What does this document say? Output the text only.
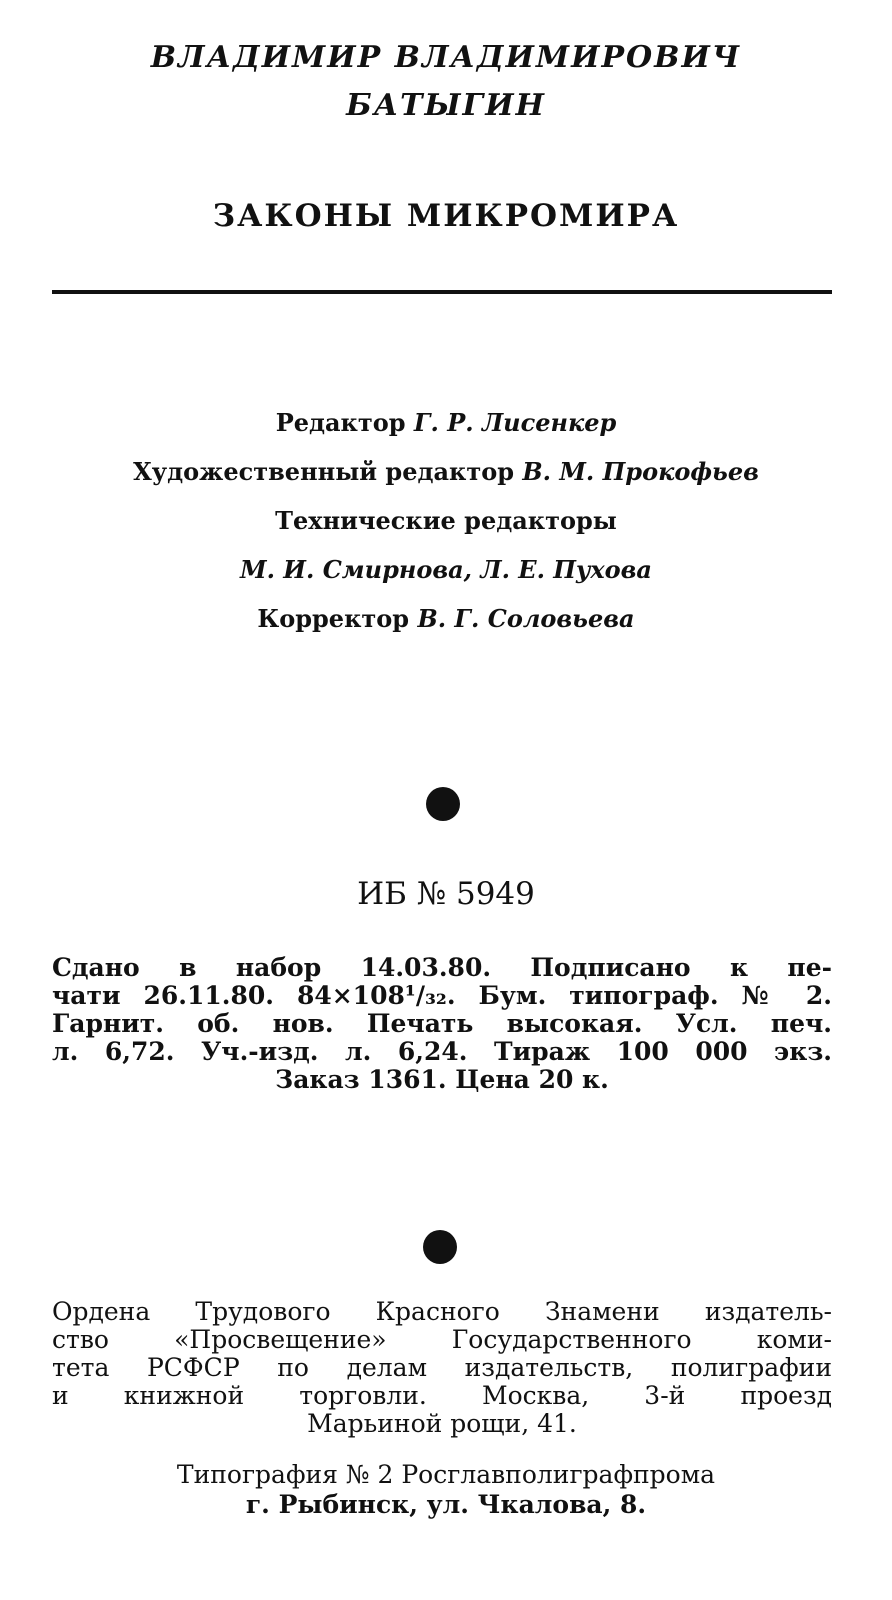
ВЛАДИМИР ВЛАДИМИРОВИЧ
БАТЫГИН
ЗАКОНЫ МИКРОМИРА
Редактор Г. Р. Лисенкер
Художественный редактор В. М. Прокофьев
Технические редакторы
М. И. Смирнова, Л. Е. Пухова
Корректор В. Г. Соловьева
ИБ № 5949
Сдано в набор 14.03.80. Подписано к пе-
чати 26.11.80. 84×108¹/₃₂. Бум. типограф. № 2.
Гарнит. об. нов. Печать высокая. Усл. печ.
л. 6,72. Уч.-изд. л. 6,24. Тираж 100 000 экз.
Заказ 1361. Цена 20 к.
Ордена Трудового Красного Знамени издатель-
ство «Просвещение» Государственного коми-
тета РСФСР по делам издательств, полиграфии
и книжной торговли. Москва, 3-й проезд
Марьиной рощи, 41.
Типография № 2 Росглавполиграфпрома
г. Рыбинск, ул. Чкалова, 8.
